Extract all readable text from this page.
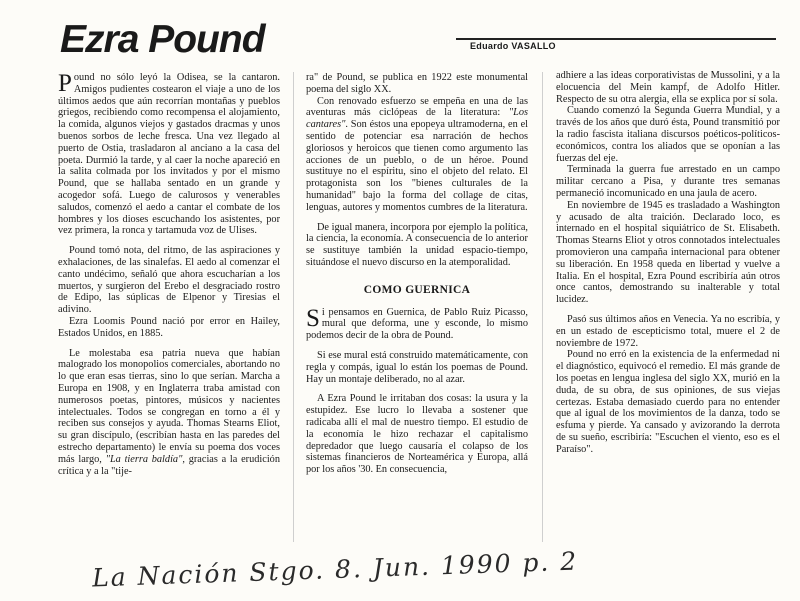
Ezra Pound	Eduardo VASALLO

Pound no sólo leyó la Odisea, se la cantaron. Amigos pudientes costearon el viaje a uno de los últimos aedos que aún recorrían montañas y pueblos griegos, recibiendo como recompensa el alojamiento, la comida, algunos viejos y gastados dracmas y unos buenos sorbos de leche fresca. Una vez llegado al puerto de Ostia, trasladaron al anciano a la casa del poeta. Durmió la tarde, y al caer la noche apareció en la salita colmada por los invitados y por el mismo Pound, que se hallaba sentado en un grande y acogedor sofá. Luego de calurosos y venerables saludos, comenzó el aedo a cantar el combate de los hombres y los dioses escuchando los asistentes, por vez primera, la ronca y tartamuda voz de Ulises.

Pound tomó nota, del ritmo, de las aspiraciones y exhalaciones, de las sinalefas. El aedo al comenzar el canto undécimo, señaló que ahora escucharían a los muertos, y surgieron del Erebo el desgraciado rostro de Edipo, las súplicas de Elpenor y Tiresias el adivino.

Ezra Loomis Pound nació por error en Hailey, Estados Unidos, en 1885.

Le molestaba esa patria nueva que habían malogrado los monopolios comerciales, abortando no lo que eran esas tierras, sino lo que serían. Marcha a Europa en 1908, y en Inglaterra traba amistad con numerosos poetas, pintores, músicos y nacientes intelectuales. Todos se congregan en torno a él y reciben sus consejos y ayuda. Thomas Stearns Eliot, su gran discípulo, (escribían hasta en las paredes del estrecho departamento) le envía su poema dos voces más largo, "La tierra baldía", gracias a la erudición crítica y a la "tije-

ra" de Pound, se publica en 1922 este monumental poema del siglo XX.

Con renovado esfuerzo se empeña en una de las aventuras más ciclópeas de la literatura: "Los cantares". Son éstos una epopeya ultramoderna, en el sentido de potenciar esa narración de hechos gloriosos y heroicos que tienen como argumento las acciones de un pueblo, o de un héroe. Pound sustituye no el espíritu, sino el objeto del relato. El protagonista son los "bienes culturales de la humanidad" bajo la forma del collage de citas, lenguas, autores y momentos cumbres de la literatura.

De igual manera, incorpora por ejemplo la política, la ciencia, la economía. A consecuencia de lo anterior se sustituye también la unidad espacio-tiempo, situándose el nuevo discurso en la atemporalidad.

COMO GUERNICA

Si pensamos en Guernica, de Pablo Ruiz Picasso, mural que deforma, une y esconde, lo mismo podemos decir de la obra de Pound.

Si ese mural está construido matemáticamente, con regla y compás, igual lo están los poemas de Pound. Hay un montaje deliberado, no al azar.

A Ezra Pound le irritaban dos cosas: la usura y la estupidez. Ese lucro lo llevaba a sostener que radicaba allí el mal de nuestro tiempo. El estudio de la economía le hizo rechazar el capitalismo depredador que luego causaría el colapso de los sistemas financieros de Norteamérica y Europa, allá por los años '30. En consecuencia,

adhiere a las ideas corporativistas de Mussolini, y a la elocuencia del Mein kampf, de Adolfo Hitler. Respecto de su otra alergia, ella se explica por sí sola.

Cuando comenzó la Segunda Guerra Mundial, y a través de los años que duró ésta, Pound transmitió por la radio fascista italiana discursos poéticos-políticos-económicos, contra los aliados que se oponían a las fuerzas del eje.

Terminada la guerra fue arrestado en un campo militar cercano a Pisa, y durante tres semanas permaneció incomunicado en una jaula de acero.

En noviembre de 1945 es trasladado a Washington y acusado de alta traición. Declarado loco, es internado en el hospital siquiátrico de St. Elisabeth. Thomas Stearns Eliot y otros connotados intelectuales promovieron una campaña internacional para obtener su liberación. En 1958 queda en libertad y vuelve a Italia. En el hospital, Ezra Pound escribiría aún otros once cantos, demostrando su inalterable y total lucidez.

Pasó sus últimos años en Venecia. Ya no escribía, y en un estado de escepticismo total, muere el 2 de noviembre de 1972.

Pound no erró en la existencia de la enfermedad ni el diagnóstico, equivocó el remedio. El más grande de los poetas en lengua inglesa del siglo XX, murió en la duda, de su obra, de sus opiniones, de sus viejas certezas. Estaba demasiado cuerdo para no entender que al igual de los movimientos de la danza, todo se esfuma y pierde. Ya cansado y avizorando la derrota de su sueño, escribiría: "Escuchen el viento, eso es el Paraíso".

La Nación Stgo. 8. Jun. 1990 p. 2
